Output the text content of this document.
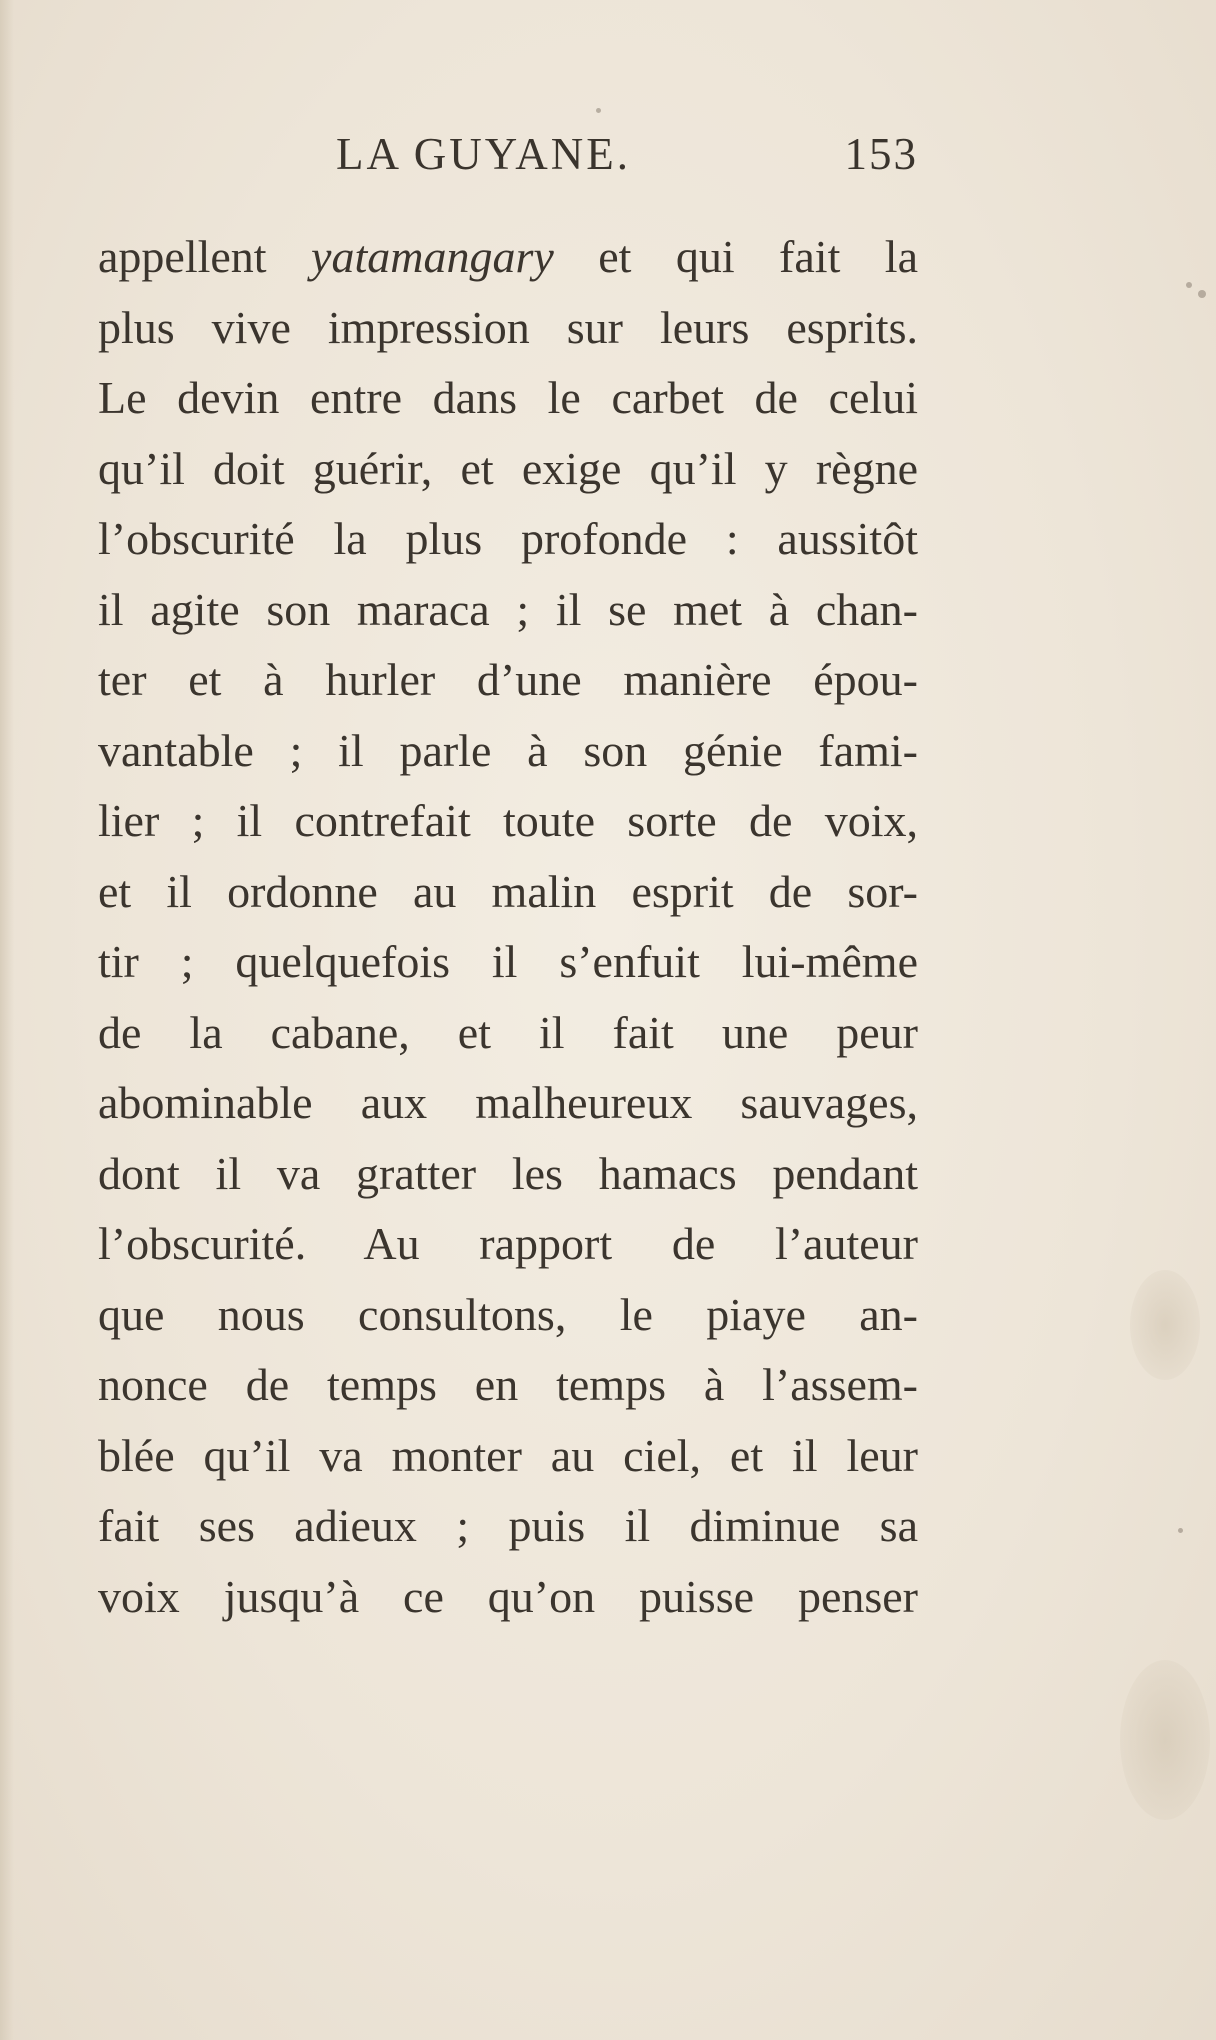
LA GUYANE.	153
appellent yatamangary et qui fait la
plus vive impression sur leurs esprits.
Le devin entre dans le carbet de celui
qu’il doit guérir, et exige qu’il y règne
l’obscurité la plus profonde : aussitôt
il agite son maraca ; il se met à chan-
ter et à hurler d’une manière épou-
vantable ; il parle à son génie fami-
lier ; il contrefait toute sorte de voix,
et il ordonne au malin esprit de sor-
tir ; quelquefois il s’enfuit lui-même
de la cabane, et il fait une peur
abominable aux malheureux sauvages,
dont il va gratter les hamacs pendant
l’obscurité. Au rapport de l’auteur
que nous consultons, le piaye an-
nonce de temps en temps à l’assem-
blée qu’il va monter au ciel, et il leur
fait ses adieux ; puis il diminue sa
voix jusqu’à ce qu’on puisse penser
